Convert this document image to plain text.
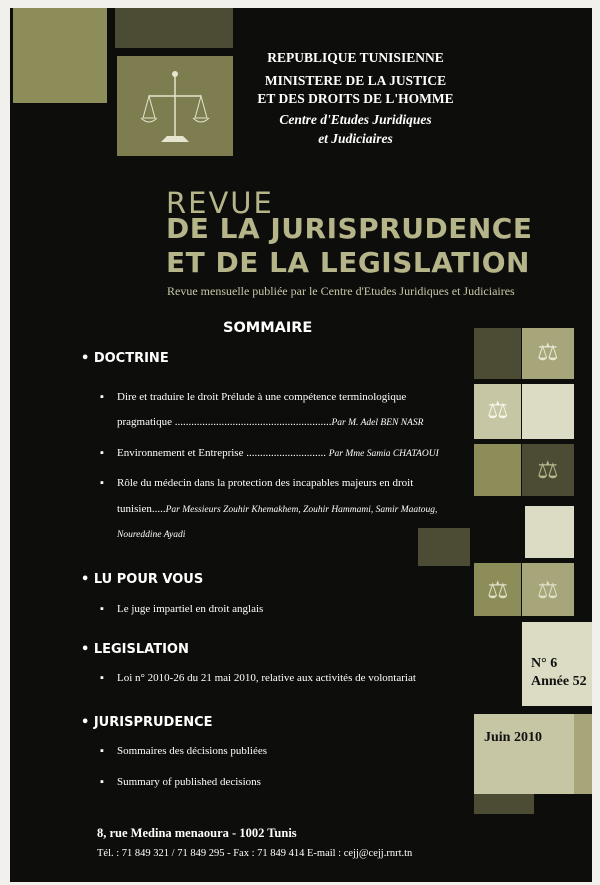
REPUBLIQUE TUNISIENNE
MINISTERE DE LA JUSTICE
ET DES DROITS DE L'HOMME
Centre d'Etudes Juridiques
et Judiciaires
REVUE
DE LA JURISPRUDENCE
ET DE LA LEGISLATION
Revue mensuelle publiée par le Centre d'Etudes Juridiques et Judiciaires
SOMMAIRE
⚖
⚖
⚖
⚖ ⚖
N° 6
Année 52
Juin 2010
• DOCTRINE
▪ Dire et traduire le droit Prélude à une compétence terminologique
pragmatique .........................................................Par M. Adel BEN NASR
▪ Environnement et Entreprise ............................. Par Mme Samia CHATAOUI
▪ Rôle du médecin dans la protection des incapables majeurs en droit
tunisien.....Par Messieurs Zouhir Khemakhem, Zouhir Hammami, Samir Maatoug,
Noureddine Ayadi
• LU POUR VOUS
▪ Le juge impartiel en droit anglais
• LEGISLATION
▪ Loi n° 2010-26 du 21 mai 2010, relative aux activités de volontariat
• JURISPRUDENCE
▪ Sommaires des décisions publiées
▪ Summary of published decisions
8, rue Medina menaoura - 1002 Tunis
Tél. : 71 849 321 / 71 849 295 - Fax : 71 849 414 E-mail : cejj@cejj.rnrt.tn
